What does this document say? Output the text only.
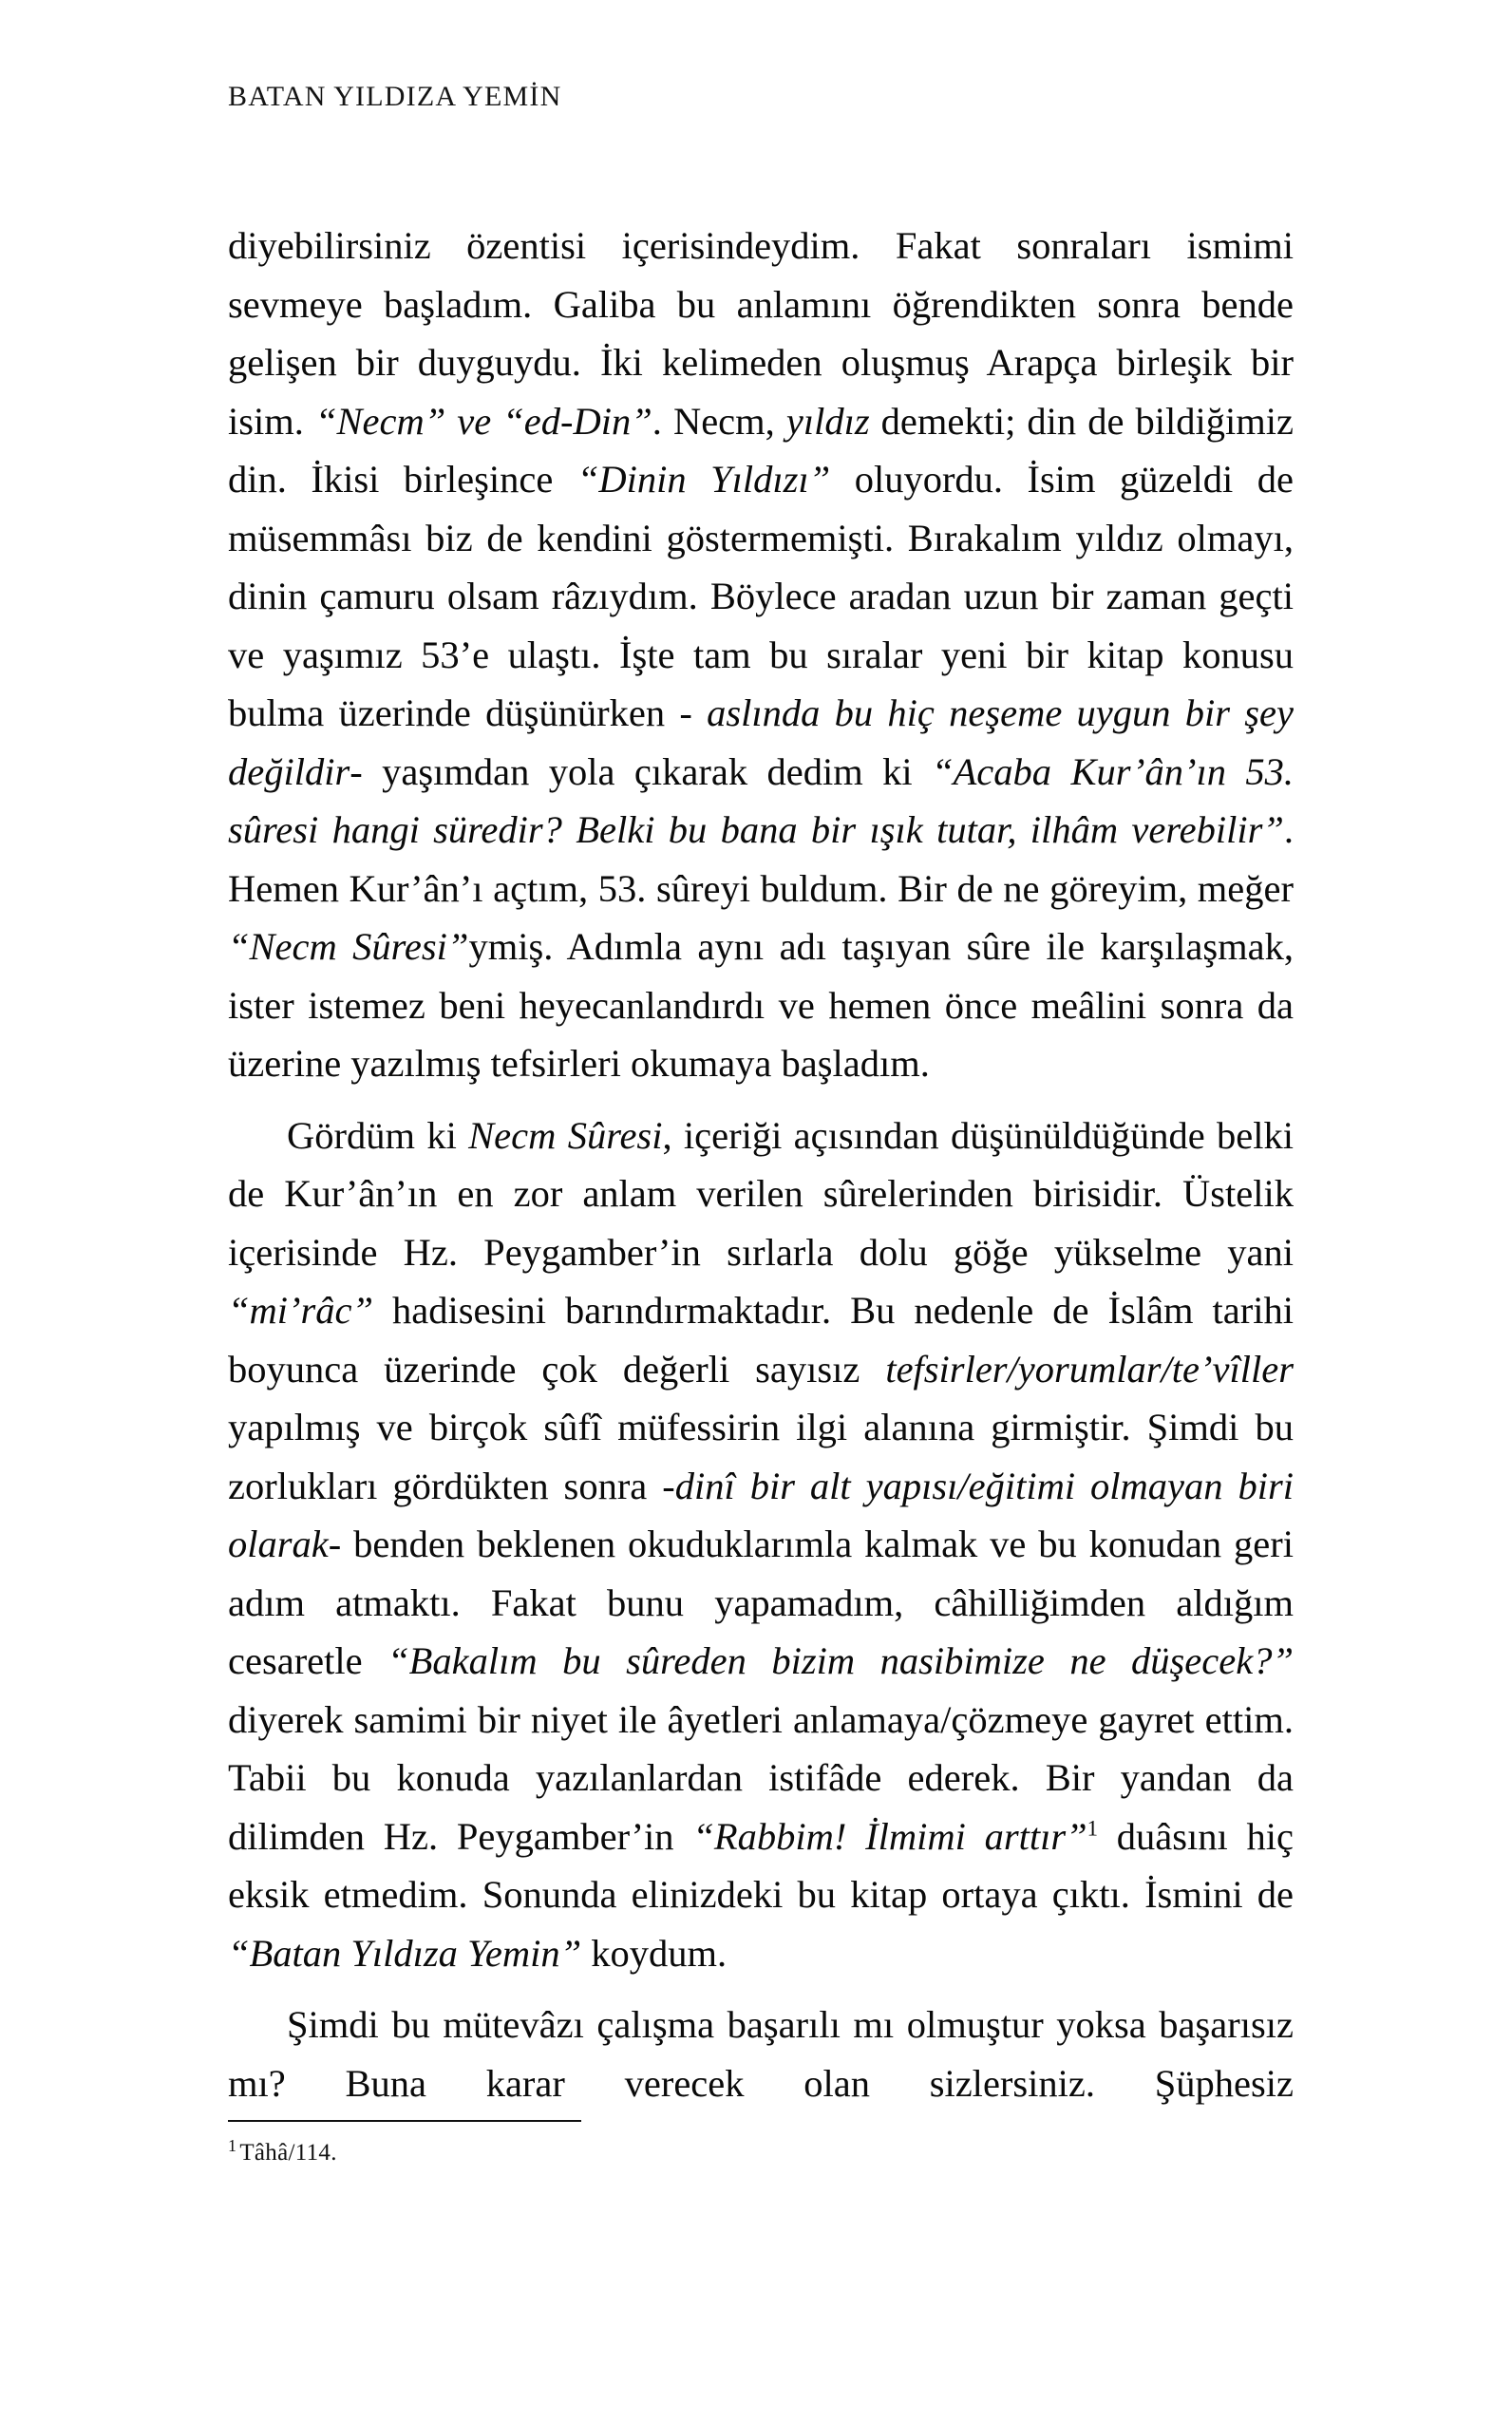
BATAN YILDIZA YEMİN

diyebilirsiniz özentisi içerisindeydim. Fakat sonraları ismimi sevmeye başladım. Galiba bu anlamını öğrendikten sonra bende gelişen bir duyguydu. İki kelimeden oluşmuş Arapça birleşik bir isim. “Necm” ve “ed-Din”. Necm, yıldız demekti; din de bildiğimiz din. İkisi birleşince “Dinin Yıldızı” oluyordu. İsim güzeldi de müsemmâsı biz de kendini göstermemişti. Bırakalım yıldız olmayı, dinin çamuru olsam râzıydım. Böylece aradan uzun bir zaman geçti ve yaşımız 53’e ulaştı. İşte tam bu sıralar yeni bir kitap konusu bulma üzerinde düşünürken - aslında bu hiç neşeme uygun bir şey değildir- yaşımdan yola çıkarak dedim ki “Acaba Kur’ân’ın 53. sûresi hangi süredir? Belki bu bana bir ışık tutar, ilhâm verebilir”. Hemen Kur’ân’ı açtım, 53. sûreyi buldum. Bir de ne göreyim, meğer “Necm Sûresi”ymiş. Adımla aynı adı taşıyan sûre ile karşılaşmak, ister istemez beni heyecanlandırdı ve hemen önce meâlini sonra da üzerine yazılmış tefsirleri okumaya başladım.

Gördüm ki Necm Sûresi, içeriği açısından düşünüldüğünde belki de Kur’ân’ın en zor anlam verilen sûrelerinden birisidir. Üstelik içerisinde Hz. Peygamber’in sırlarla dolu göğe yükselme yani “mi’râc” hadisesini barındırmaktadır. Bu nedenle de İslâm tarihi boyunca üzerinde çok değerli sayısız tefsirler/yorumlar/te’vîller yapılmış ve birçok sûfî müfessirin ilgi alanına girmiştir. Şimdi bu zorlukları gördükten sonra -dinî bir alt yapısı/eğitimi olmayan biri olarak- benden beklenen okuduklarımla kalmak ve bu konudan geri adım atmaktı. Fakat bunu yapamadım, câhilliğimden aldığım cesaretle “Bakalım bu sûreden bizim nasibimize ne düşecek?” diyerek samimi bir niyet ile âyetleri anlamaya/çözmeye gayret ettim. Tabii bu konuda yazılanlardan istifâde ederek. Bir yandan da dilimden Hz. Peygamber’in “Rabbim! İlmimi arttır”$^1$ duâsını hiç eksik etmedim. Sonunda elinizdeki bu kitap ortaya çıktı. İsmini de “Batan Yıldıza Yemin” koydum.

Şimdi bu mütevâzı çalışma başarılı mı olmuştur yoksa başarısız mı? Buna karar verecek olan sizlersiniz. Şüphesiz

$^1$ Tâhâ/114.
